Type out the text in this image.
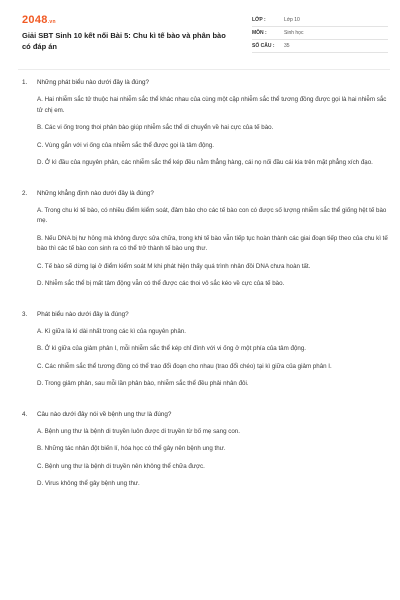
2048.vn
Giải SBT Sinh 10 kết nối Bài 5: Chu kì tế bào và phân bào có đáp án
LỚP :	Lớp 10
MÔN :	Sinh học
SỐ CÂU :	35
1.	Những phát biểu nào dưới đây là đúng?
A. Hai nhiễm sắc tử thuộc hai nhiễm sắc thể khác nhau của cùng một cặp nhiễm sắc thể tương đồng được gọi là hai nhiễm sắc tử chị em.
B. Các vi ống trong thoi phân bào giúp nhiễm sắc thể di chuyển về hai cực của tế bào.
C. Vùng gắn với vi ống của nhiễm sắc thể được gọi là tâm động.
D. Ở kì đầu của nguyên phân, các nhiễm sắc thể kép đều nằm thẳng hàng, cái nọ nối đầu cái kia trên mặt phẳng xích đạo.
2.	Những khẳng định nào dưới đây là đúng?
A. Trong chu kì tế bào, có nhiều điểm kiểm soát, đảm bảo cho các tế bào con có được số lượng nhiễm sắc thể giống hệt tế bào mẹ.
B. Nếu DNA bị hư hỏng mà không được sửa chữa, trong khi tế bào vẫn tiếp tục hoàn thành các giai đoạn tiếp theo của chu kì tế bào thì các tế bào con sinh ra có thể trở thành tế bào ung thư.
C. Tế bào sẽ dừng lại ở điểm kiểm soát M khi phát hiện thấy quá trình nhân đôi DNA chưa hoàn tất.
D. Nhiễm sắc thể bị mất tâm động vẫn có thể được các thoi vô sắc kéo về cực của tế bào.
3.	Phát biểu nào dưới đây là đúng?
A. Kì giữa là kì dài nhất trong các kì của nguyên phân.
B. Ở kì giữa của giảm phân I, mỗi nhiễm sắc thể kép chỉ đính với vi ống ở một phía của tâm động.
C. Các nhiễm sắc thể tương đồng có thể trao đổi đoạn cho nhau (trao đổi chéo) tại kì giữa của giảm phân I.
D. Trong giảm phân, sau mỗi lần phân bào, nhiễm sắc thể đều phải nhân đôi.
4.	Câu nào dưới đây nói về bệnh ung thư là đúng?
A. Bệnh ung thư là bệnh di truyền luôn được di truyền từ bố mẹ sang con.
B. Những tác nhân đột biến lí, hóa học có thể gây nên bệnh ung thư.
C. Bệnh ung thư là bệnh di truyền nên không thể chữa được.
D. Virus không thể gây bệnh ung thư.
